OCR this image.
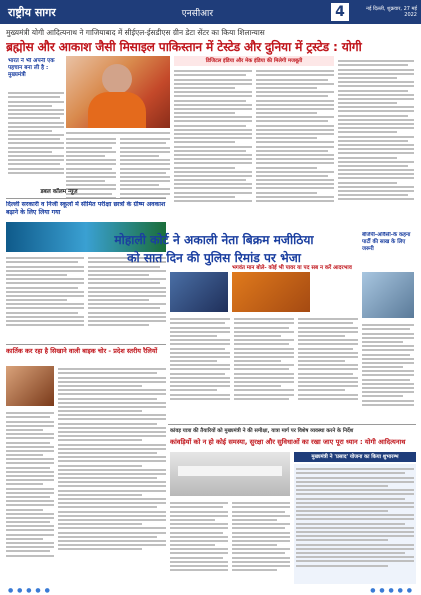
राष्ट्रीय सागर	एनसीआर	4	नई दिल्ली, शुक्रवार, 27 मई 2022
मुख्यमंत्री योगी आदित्यनाथ ने गाजियाबाद में सीईएल-ईसडीएस ग्रीन डेटा सेंटर का किया शिलान्यास
ब्रह्मोस और आकाश जैसी मिसाइल पाकिस्तान में टेस्टेड और दुनिया में ट्रस्टेड : योगी
भारत ने भी अपनी एक पहचान बना ली है : मुख्यमंत्री
डिजिटल इंडिया और मेक इंडिया की मिलेगी मजबूती
डबल कॉलम न्यूज़
दिल्ली सरकारी व निजी स्कूलों में सीमित परीक्षा छात्रों के ग्रीष्म अवकाश बढ़ाने के लिए लिया गया
मोहाली कोर्ट ने अकाली नेता बिक्रम मजीठिया
को सात दिन की पुलिस रिमांड पर भेजा
भगवंत मान बोले- कोई भी पावर या पद सब न करें आदरभाव
बीजेपी-ओवैसी-के कहना पार्टी की साख के लिए जरूरी
कार्तिक कर रहा है सिखाने वाली बाइक चोर - प्रदेश स्तरीय रैलियों
कांवड़ यात्रा की तैयारियों को मुख्यमंत्री ने की समीक्षा, यात्रा मार्ग पर विशेष व्यवस्था करने के निर्देश
कांवड़ियों को न हो कोई समस्या, सुरक्षा और सुविधाओं का रखा जाए पूरा ध्यान : योगी आदित्यनाथ
मुख्यमंत्री ने 'प्रसाद' योजना का किया शुभारम्भ
● ● ● ● ●	● ● ● ● ●
